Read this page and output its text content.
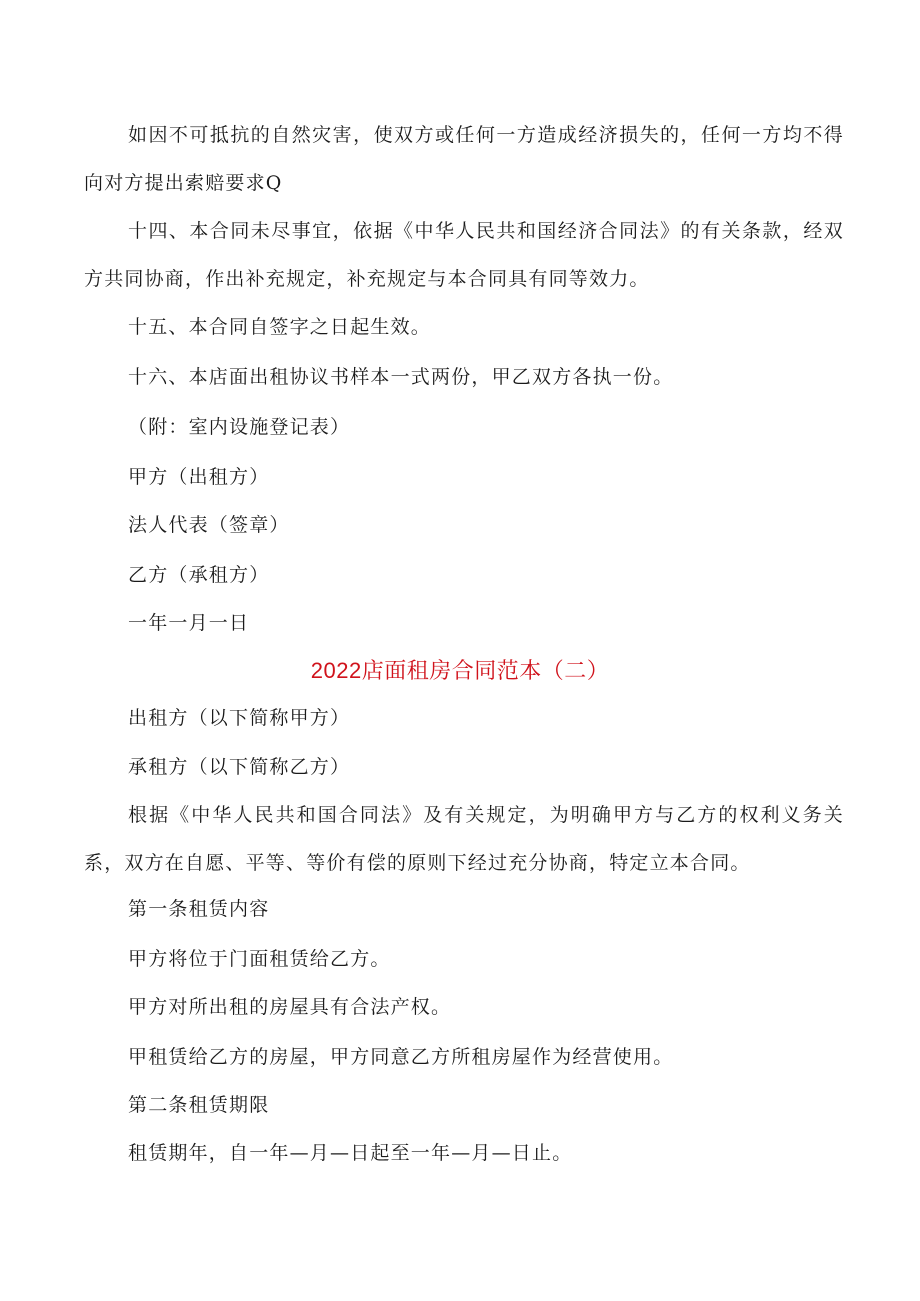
如因不可抵抗的自然灾害，使双方或任何一方造成经济损失的，任何一方均不得向对方提出索赔要求Q
十四、本合同未尽事宜，依据《中华人民共和国经济合同法》的有关条款，经双方共同协商，作出补充规定，补充规定与本合同具有同等效力。
十五、本合同自签字之日起生效。
十六、本店面出租协议书样本一式两份，甲乙双方各执一份。
（附：室内设施登记表）
甲方（出租方）
法人代表（签章）
乙方（承租方）
一年一月一日
2022店面租房合同范本（二）
出租方（以下简称甲方）
承租方（以下简称乙方）
根据《中华人民共和国合同法》及有关规定，为明确甲方与乙方的权利义务关系，双方在自愿、平等、等价有偿的原则下经过充分协商，特定立本合同。
第一条租赁内容
甲方将位于门面租赁给乙方。
甲方对所出租的房屋具有合法产权。
甲租赁给乙方的房屋，甲方同意乙方所租房屋作为经营使用。
第二条租赁期限
租赁期年，自一年—月—日起至一年—月—日止。
